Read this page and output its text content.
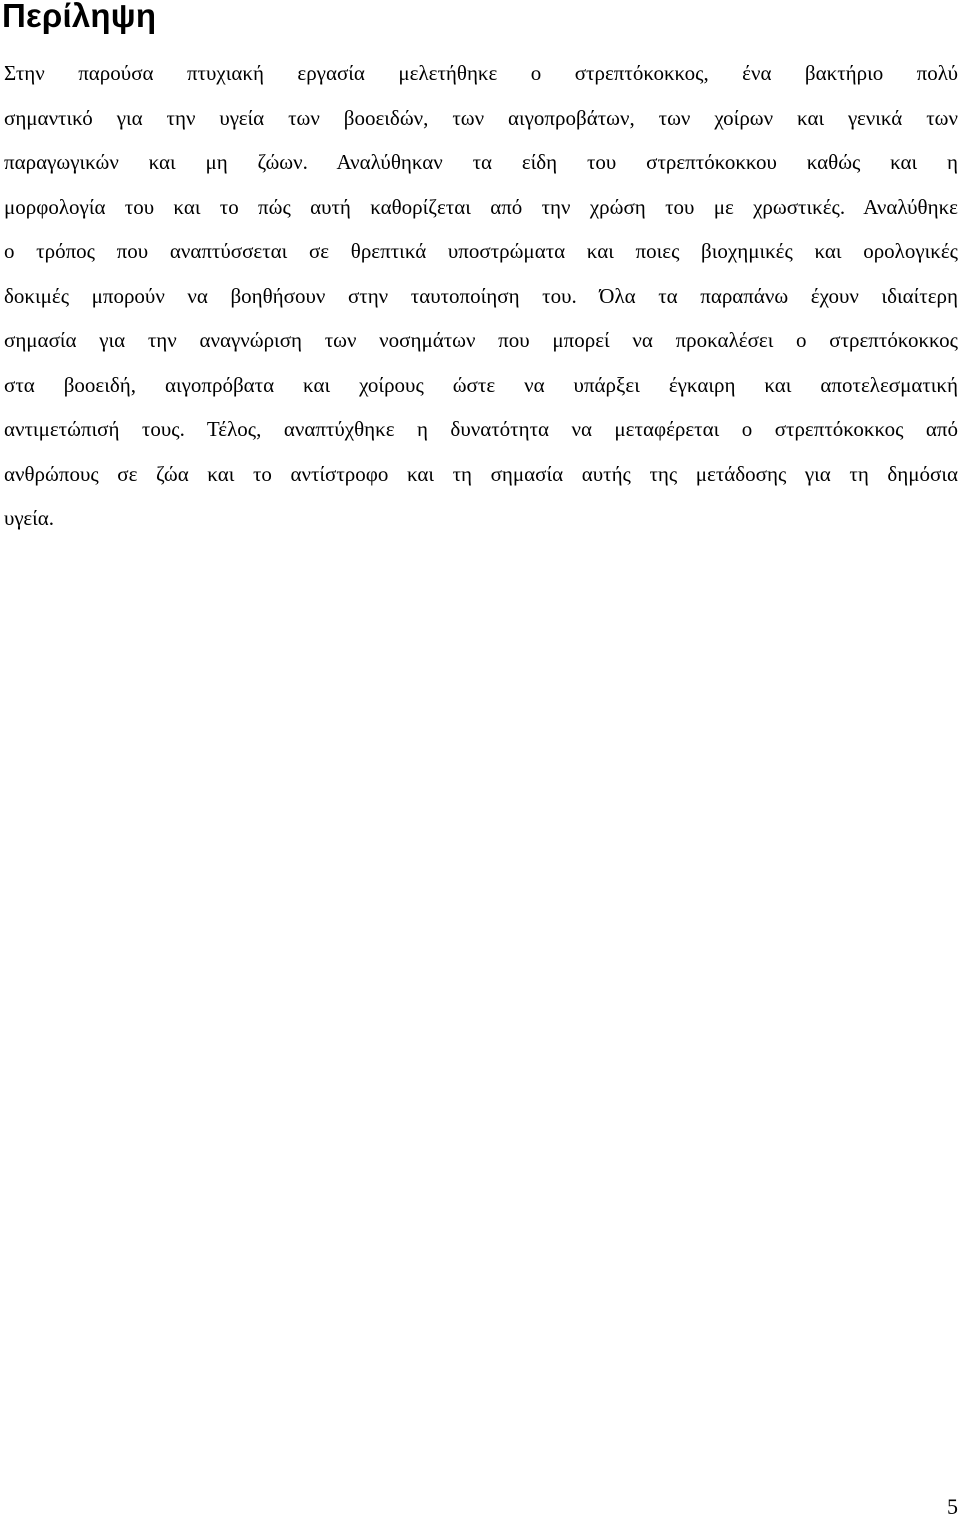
Περίληψη

Στην παρούσα πτυχιακή εργασία μελετήθηκε ο στρεπτόκοκκος, ένα βακτήριο πολύ

σημαντικό για την υγεία των βοοειδών, των αιγοπροβάτων, των χοίρων και γενικά των

παραγωγικών και μη ζώων. Αναλύθηκαν τα είδη του στρεπτόκοκκου καθώς και η

μορφολογία του και το πώς αυτή καθορίζεται από την χρώση του με χρωστικές. Αναλύθηκε

ο τρόπος που αναπτύσσεται σε θρεπτικά υποστρώματα και ποιες βιοχημικές και ορολογικές

δοκιμές μπορούν να βοηθήσουν στην ταυτοποίηση του. Όλα τα παραπάνω έχουν ιδιαίτερη

σημασία για την αναγνώριση των νοσημάτων που μπορεί να προκαλέσει ο στρεπτόκοκκος

στα βοοειδή, αιγοπρόβατα και χοίρους ώστε να υπάρξει έγκαιρη και αποτελεσματική

αντιμετώπισή τους. Τέλος, αναπτύχθηκε η δυνατότητα να μεταφέρεται ο στρεπτόκοκκος από

ανθρώπους σε ζώα και το αντίστροφο και τη σημασία αυτής της μετάδοσης για τη δημόσια

υγεία.

5
